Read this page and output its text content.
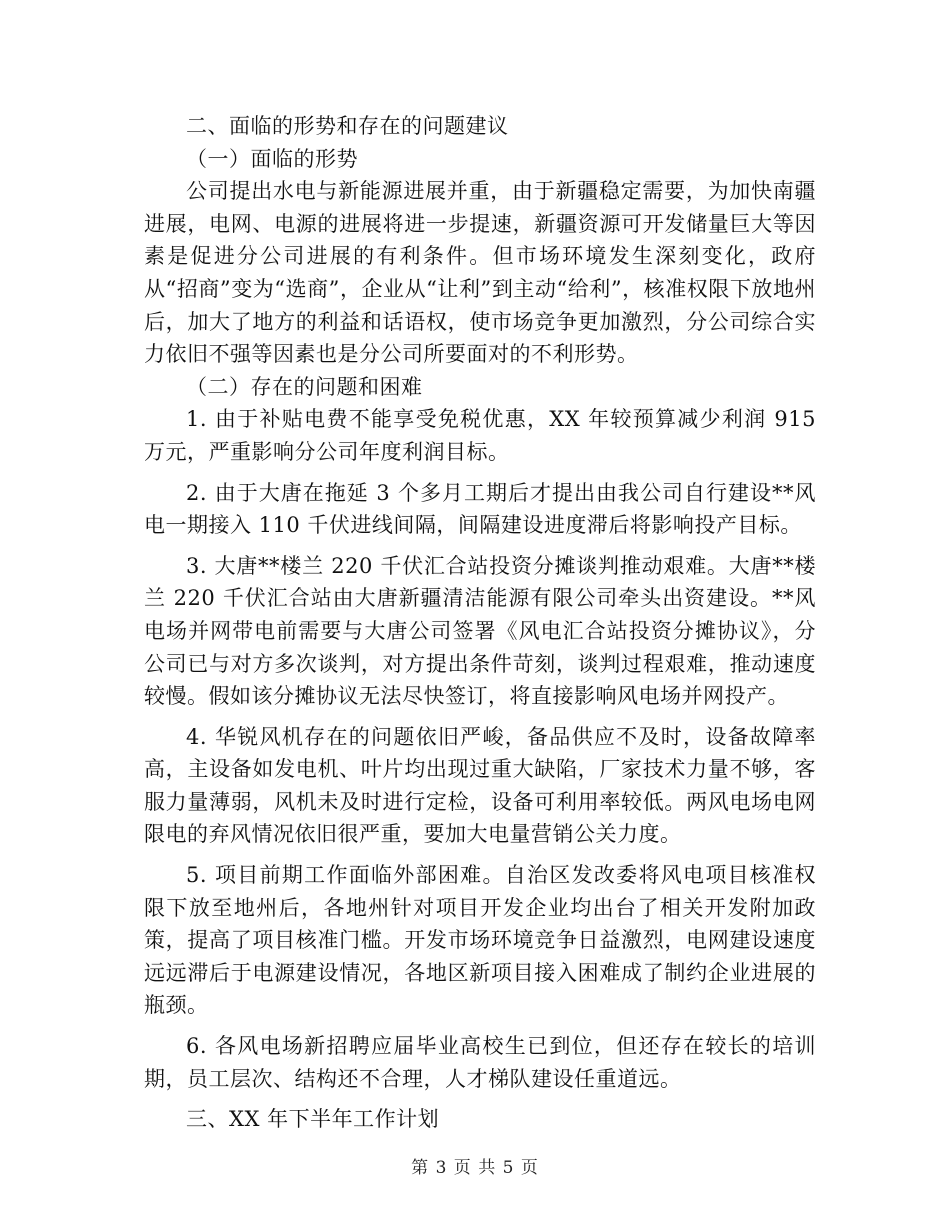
二、面临的形势和存在的问题建议

（一）面临的形势

公司提出水电与新能源进展并重，由于新疆稳定需要，为加快南疆进展，电网、电源的进展将进一步提速，新疆资源可开发储量巨大等因素是促进分公司进展的有利条件。但市场环境发生深刻变化，政府从“招商”变为“选商”，企业从“让利”到主动“给利”，核准权限下放地州后，加大了地方的利益和话语权，使市场竞争更加激烈，分公司综合实力依旧不强等因素也是分公司所要面对的不利形势。

（二）存在的问题和困难

1. 由于补贴电费不能享受免税优惠，XX 年较预算减少利润 915 万元，严重影响分公司年度利润目标。

2. 由于大唐在拖延 3 个多月工期后才提出由我公司自行建设**风电一期接入 110 千伏进线间隔，间隔建设进度滞后将影响投产目标。

3. 大唐**楼兰 220 千伏汇合站投资分摊谈判推动艰难。大唐**楼兰 220 千伏汇合站由大唐新疆清洁能源有限公司牵头出资建设。**风电场并网带电前需要与大唐公司签署《风电汇合站投资分摊协议》，分公司已与对方多次谈判，对方提出条件苛刻，谈判过程艰难，推动速度较慢。假如该分摊协议无法尽快签订，将直接影响风电场并网投产。

4. 华锐风机存在的问题依旧严峻，备品供应不及时，设备故障率高，主设备如发电机、叶片均出现过重大缺陷，厂家技术力量不够，客服力量薄弱，风机未及时进行定检，设备可利用率较低。两风电场电网限电的弃风情况依旧很严重，要加大电量营销公关力度。

5. 项目前期工作面临外部困难。自治区发改委将风电项目核准权限下放至地州后，各地州针对项目开发企业均出台了相关开发附加政策，提高了项目核准门槛。开发市场环境竞争日益激烈，电网建设速度远远滞后于电源建设情况，各地区新项目接入困难成了制约企业进展的瓶颈。

6. 各风电场新招聘应届毕业高校生已到位，但还存在较长的培训期，员工层次、结构还不合理，人才梯队建设任重道远。

三、XX 年下半年工作计划

第 3 页 共 5 页
